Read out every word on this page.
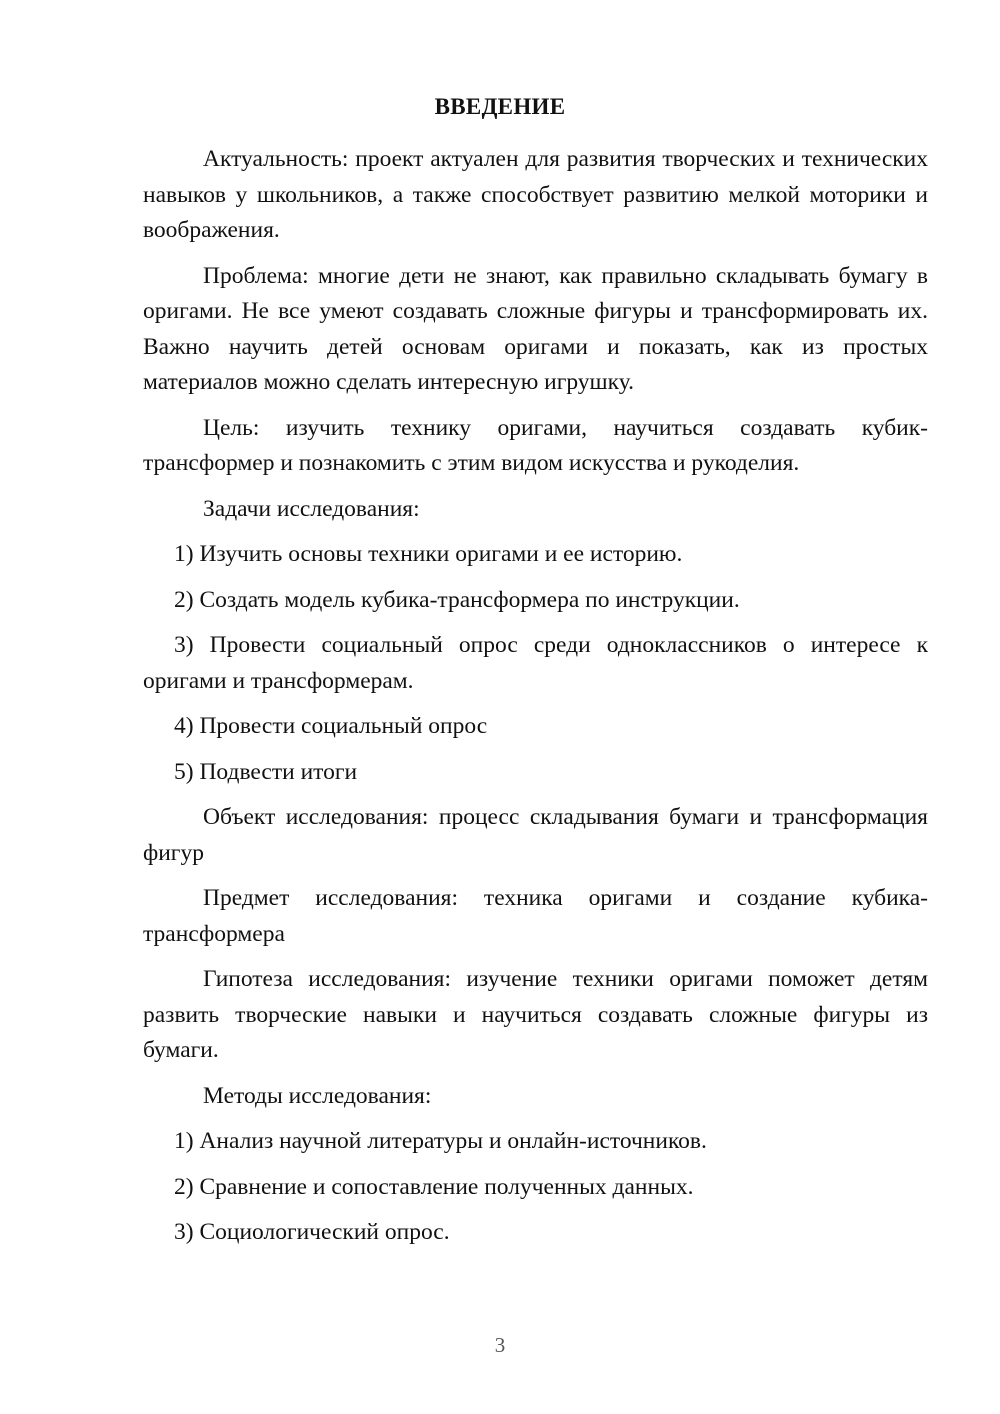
ВВЕДЕНИЕ

Актуальность: проект актуален для развития творческих и технических навыков у школьников, а также способствует развитию мелкой моторики и воображения.

Проблема: многие дети не знают, как правильно складывать бумагу в оригами. Не все умеют создавать сложные фигуры и трансформировать их. Важно научить детей основам оригами и показать, как из простых материалов можно сделать интересную игрушку.

Цель: изучить технику оригами, научиться создавать кубик-трансформер и познакомить с этим видом искусства и рукоделия.

Задачи исследования:

1) Изучить основы техники оригами и ее историю.

2) Создать модель кубика-трансформера по инструкции.

3) Провести социальный опрос среди одноклассников о интересе к оригами и трансформерам.

4) Провести социальный опрос

5) Подвести итоги

Объект исследования: процесс складывания бумаги и трансформация фигур

Предмет исследования: техника оригами и создание кубика-трансформера

Гипотеза исследования: изучение техники оригами поможет детям развить творческие навыки и научиться создавать сложные фигуры из бумаги.

Методы исследования:

1) Анализ научной литературы и онлайн-источников.

2) Сравнение и сопоставление полученных данных.

3) Социологический опрос.

3
